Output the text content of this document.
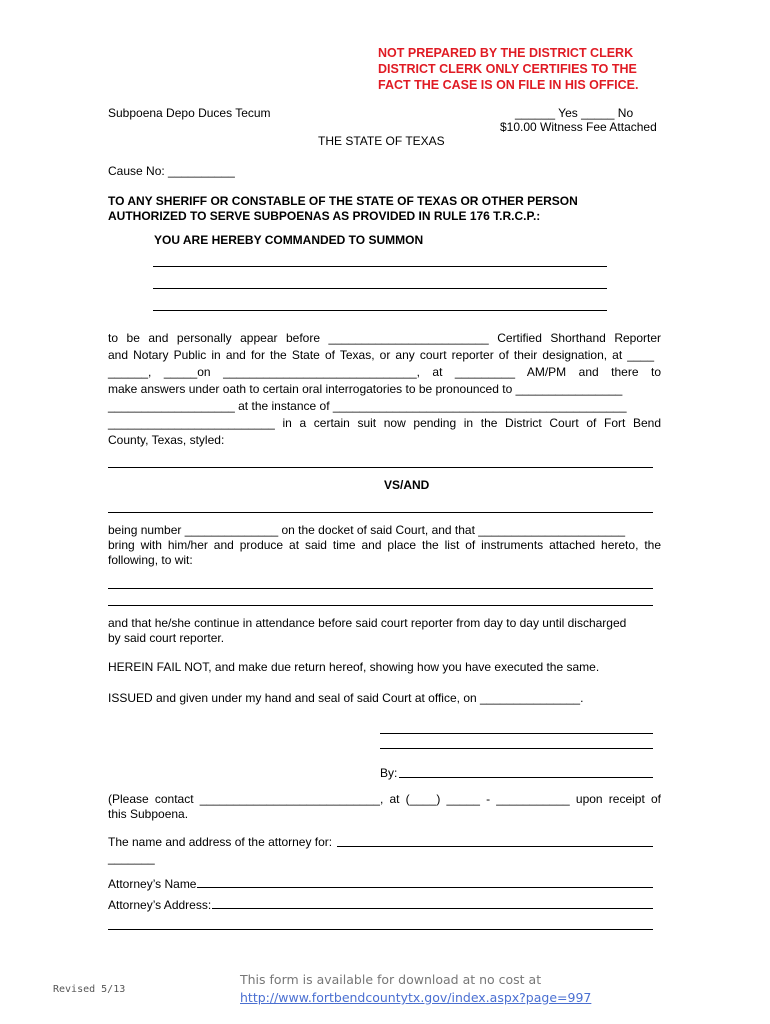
NOT PREPARED BY THE DISTRICT CLERK
DISTRICT CLERK ONLY CERTIFIES TO THE
FACT THE CASE IS ON FILE IN HIS OFFICE.
Subpoena Depo Duces Tecum	______ Yes _____ No
$10.00 Witness Fee Attached
THE STATE OF TEXAS
Cause No: __________
TO ANY SHERIFF OR CONSTABLE OF THE STATE OF TEXAS OR OTHER PERSON
AUTHORIZED TO SERVE SUBPOENAS AS PROVIDED IN RULE 176 T.R.C.P.:
YOU ARE HEREBY COMMANDED TO SUMMON
to be and personally appear before ________________________ Certified Shorthand Reporter
and Notary Public in and for the State of Texas, or any court reporter of their designation, at ____
______, _____on _____________________________, at _________ AM/PM and there to
make answers under oath to certain oral interrogatories to be pronounced to ________________
___________________ at the instance of ____________________________________________
_________________________ in a certain suit now pending in the District Court of Fort Bend
County, Texas, styled:
VS/AND
being number ______________ on the docket of said Court, and that ______________________
bring with him/her and produce at said time and place the list of instruments attached hereto, the
following, to wit:
and that he/she continue in attendance before said court reporter from day to day until discharged
by said court reporter.
HEREIN FAIL NOT, and make due return hereof, showing how you have executed the same.
ISSUED and given under my hand and seal of said Court at office, on _______________.
By:
(Please contact ___________________________, at (____) _____ - ___________ upon receipt of
this Subpoena.
The name and address of the attorney for:
_______
Attorney’s Name
Attorney’s Address:
Revised 5/13
This form is available for download at no cost at
http://www.fortbendcountytx.gov/index.aspx?page=997
